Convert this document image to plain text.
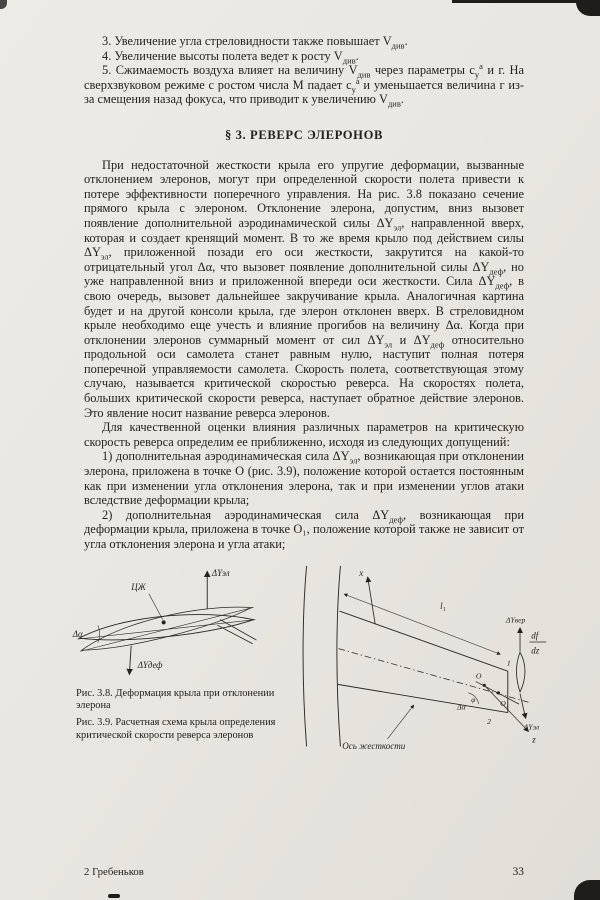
3. Увеличение угла стреловидности также повышает $V_{див}$.

4. Увеличение высоты полета ведет к росту $V_{див}$.

5. Сжимаемость воздуха влияет на величину $V_{див}$ через параметры $с_у^а$ и г. На сверхзвуковом режиме с ростом числа М падает $с_у^а$ и уменьшается величина г из-за смещения назад фокуса, что приводит к увеличению $V_{див}$.

§ 3. РЕВЕРС ЭЛЕРОНОВ

При недостаточной жесткости крыла его упругие деформации, вызванные отклонением элеронов, могут при определенной скорости полета привести к потере эффективности поперечного управления. На рис. 3.8 показано сечение прямого крыла с элероном. Отклонение элерона, допустим, вниз вызовет появление дополнительной аэродинамической силы $\Delta Y_{эл}$, направленной вверх, которая и создает кренящий момент. В то же время крыло под действием силы $\Delta Y_{эл}$, приложенной позади его оси жесткости, закрутится на какой-то отрицательный угол Δα, что вызовет появление дополнительной силы $\Delta Y_{деф}$, но уже направленной вниз и приложенной впереди оси жесткости. Сила $\Delta Y_{деф}$, в свою очередь, вызовет дальнейшее закручивание крыла. Аналогичная картина будет и на другой консоли крыла, где элерон отклонен вверх. В стреловидном крыле необходимо еще учесть и влияние прогибов на величину Δα. Когда при отклонении элеронов суммарный момент от сил $\Delta Y_{эл}$ и $\Delta Y_{деф}$ относительно продольной оси самолета станет равным нулю, наступит полная потеря поперечной управляемости самолета. Скорость полета, соответствующая этому случаю, называется критической скоростью реверса. На скоростях полета, больших критической скорости реверса, наступает обратное действие элеронов. Это явление носит название реверса элеронов.

Для качественной оценки влияния различных параметров на критическую скорость реверса определим ее приближенно, исходя из следующих допущений:

1) дополнительная аэродинамическая сила $\Delta Y_{эл}$, возникающая при отклонении элерона, приложена в точке О (рис. 3.9), положение которой остается постоянным как при изменении угла отклонения элерона, так и при изменении углов атаки вследствие деформации крыла;

2) дополнительная аэродинамическая сила $\Delta Y_{деф}$, возникающая при деформации крыла, приложена в точке О₁, положение которой также не зависит от угла отклонения элерона и угла атаки;

ΔYэл
ЦЖ
Δα
ΔYдеф
Рис. 3.8. Деформация крыла при отклонении элерона
Рис. 3.9. Расчетная схема крыла определения критической скорости реверса элеронов
x
l₁
df
dz
ΔYвер
ΔYэл
Δα
φ
z
О
О₁
1
2
Ось жесткости
2 Гребеньков	33
